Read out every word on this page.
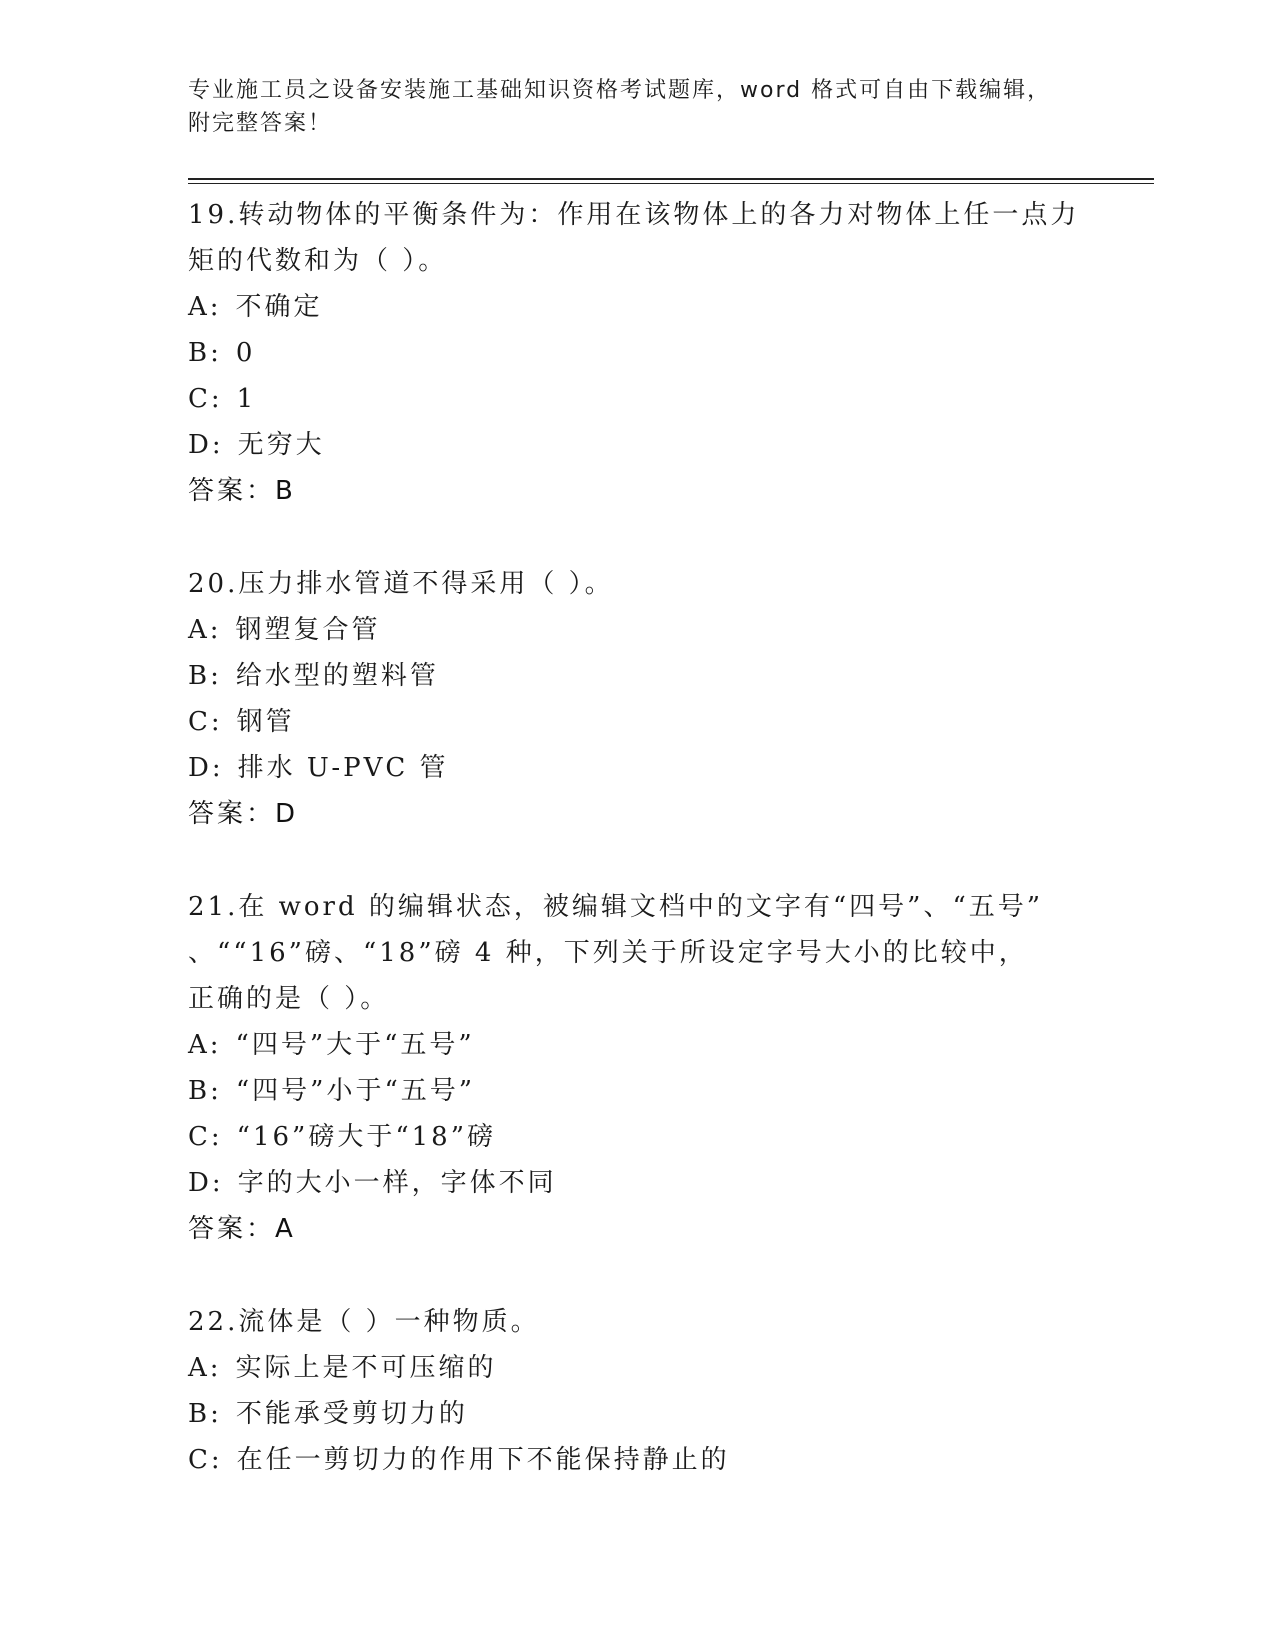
专业施工员之设备安装施工基础知识资格考试题库，word 格式可自由下载编辑，
附完整答案！
19.转动物体的平衡条件为：作用在该物体上的各力对物体上任一点力
矩的代数和为（ ）。
A: 不确定
B: 0
C: 1
D: 无穷大
答案：B
20.压力排水管道不得采用（ ）。
A: 钢塑复合管
B: 给水型的塑料管
C: 钢管
D: 排水 U-PVC 管
答案：D
21.在 word 的编辑状态，被编辑文档中的文字有“四号”、“五号”
、““16”磅、“18”磅 4 种，下列关于所设定字号大小的比较中，
正确的是（ ）。
A: “四号”大于“五号”
B: “四号”小于“五号”
C: “16”磅大于“18”磅
D: 字的大小一样，字体不同
答案：A
22.流体是（ ）一种物质。
A: 实际上是不可压缩的
B: 不能承受剪切力的
C: 在任一剪切力的作用下不能保持静止的
